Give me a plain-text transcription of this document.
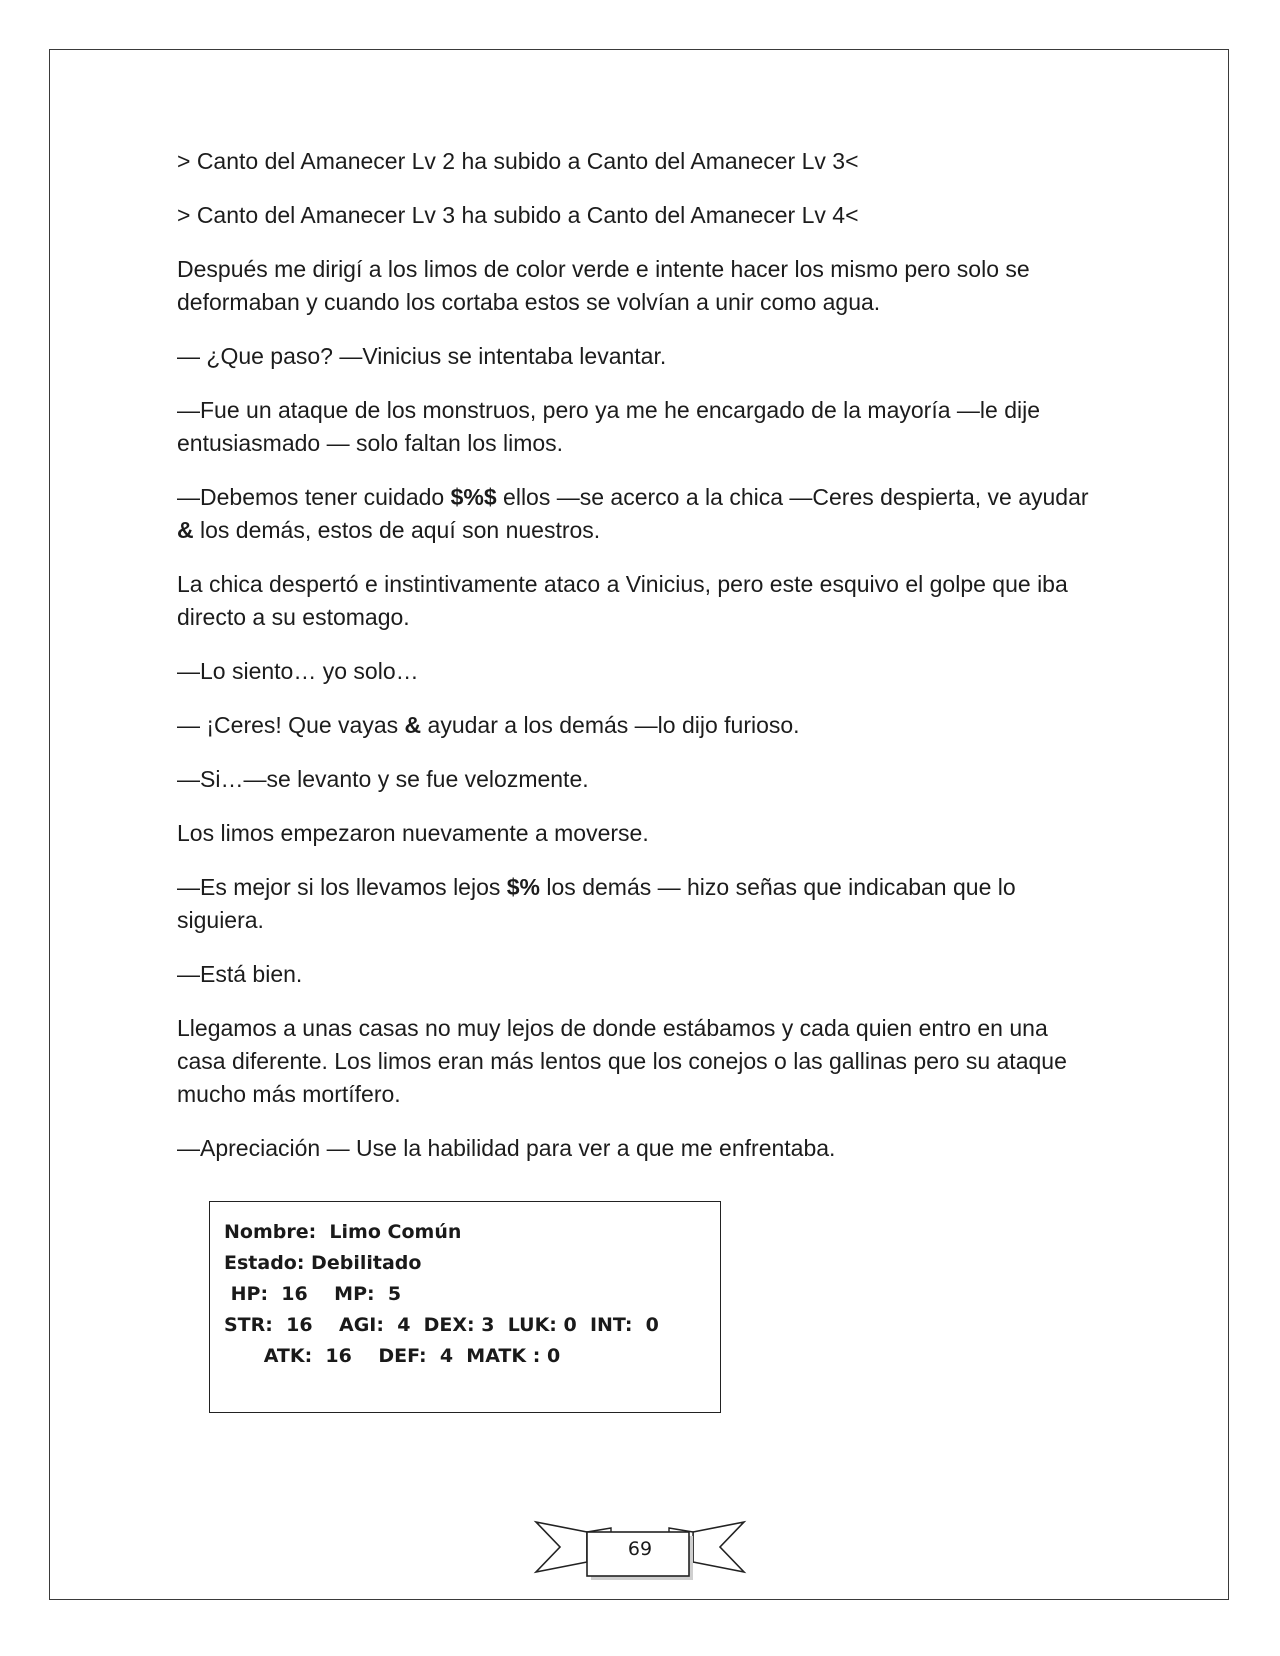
> Canto del Amanecer Lv 2 ha subido a Canto del Amanecer Lv 3<

> Canto del Amanecer Lv 3 ha subido a Canto del Amanecer Lv 4<

Después me dirigí a los limos de color verde e intente hacer los mismo pero solo se deformaban y cuando los cortaba estos se volvían a unir como agua.

— ¿Que paso? —Vinicius se intentaba levantar.

—Fue un ataque de los monstruos, pero ya me he encargado de la mayoría —le dije entusiasmado — solo faltan los limos.

—Debemos tener cuidado $%$ ellos —se acerco a la chica —Ceres despierta, ve ayudar & los demás, estos de aquí son nuestros.

La chica despertó e instintivamente ataco a Vinicius, pero este esquivo el golpe que iba directo a su estomago.

—Lo siento… yo solo…

— ¡Ceres! Que vayas & ayudar a los demás —lo dijo furioso.

—Si…—se levanto y se fue velozmente.

Los limos empezaron nuevamente a moverse.

—Es mejor si los llevamos lejos $% los demás — hizo señas que indicaban que lo siguiera.

—Está bien.

Llegamos a unas casas no muy lejos de donde estábamos y cada quien entro en una casa diferente. Los limos eran más lentos que los conejos o las gallinas pero su ataque mucho más mortífero.

—Apreciación — Use la habilidad para ver a que me enfrentaba.

Nombre:  Limo Común
Estado: Debilitado
HP:  16    MP:  5
STR:  16    AGI:  4  DEX: 3  LUK: 0  INT:  0
ATK:  16    DEF:  4  MATK : 0
69
